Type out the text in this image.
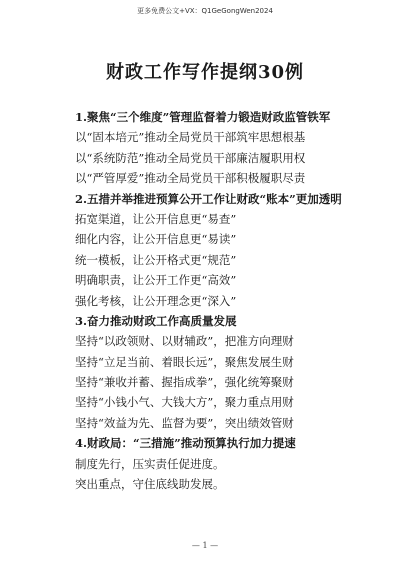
更多免费公文+VX：Q1GeGongWen2024
财政工作写作提纲30例
1.聚焦“三个维度”管理监督着力锻造财政监管铁军
以“固本培元”推动全局党员干部筑牢思想根基
以“系统防范”推动全局党员干部廉洁履职用权
以“严管厚爱”推动全局党员干部积极履职尽责
2.五措并举推进预算公开工作让财政“账本”更加透明
拓宽渠道，让公开信息更“易查”
细化内容，让公开信息更“易读”
统一模板，让公开格式更“规范”
明确职责，让公开工作更“高效”
强化考核，让公开理念更“深入”
3.奋力推动财政工作高质量发展
坚持“以政领财、以财辅政”，把准方向理财
坚持“立足当前、着眼长远”，聚焦发展生财
坚持“兼收并蓄、握指成拳”，强化统筹聚财
坚持“小钱小气、大钱大方”，聚力重点用财
坚持“效益为先、监督为要”，突出绩效管财
4.财政局：“三措施”推动预算执行加力提速
制度先行，压实责任促进度。
突出重点，守住底线助发展。
— 1 —
